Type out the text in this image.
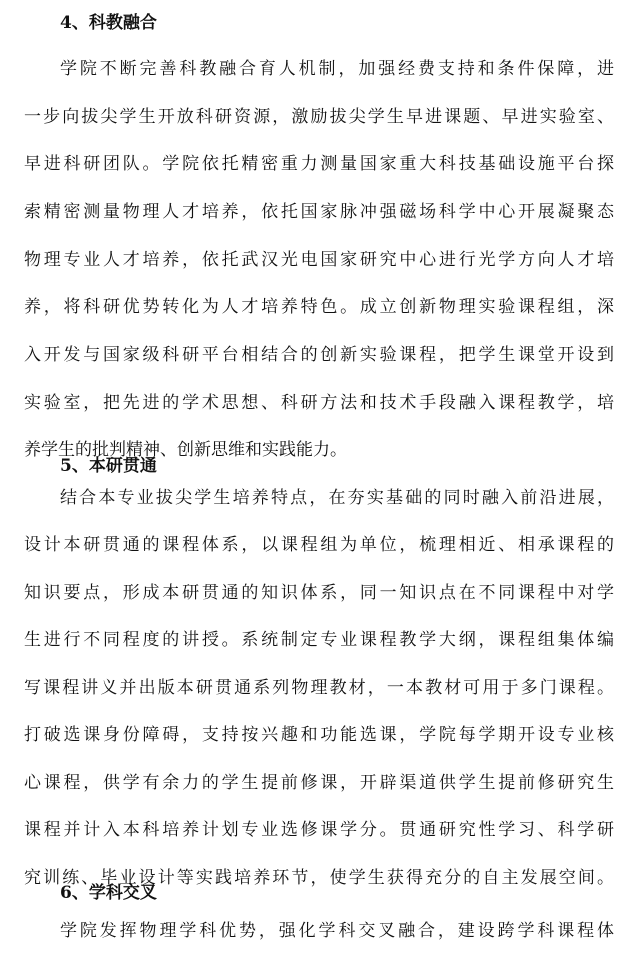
4、科教融合
学院不断完善科教融合育人机制，加强经费支持和条件保障，进
一步向拔尖学生开放科研资源，激励拔尖学生早进课题、早进实验室、
早进科研团队。学院依托精密重力测量国家重大科技基础设施平台探
索精密测量物理人才培养，依托国家脉冲强磁场科学中心开展凝聚态
物理专业人才培养，依托武汉光电国家研究中心进行光学方向人才培
养，将科研优势转化为人才培养特色。成立创新物理实验课程组，深
入开发与国家级科研平台相结合的创新实验课程，把学生课堂开设到
实验室，把先进的学术思想、科研方法和技术手段融入课程教学，培
养学生的批判精神、创新思维和实践能力。
5、本研贯通
结合本专业拔尖学生培养特点，在夯实基础的同时融入前沿进展，
设计本研贯通的课程体系，以课程组为单位，梳理相近、相承课程的
知识要点，形成本研贯通的知识体系，同一知识点在不同课程中对学
生进行不同程度的讲授。系统制定专业课程教学大纲，课程组集体编
写课程讲义并出版本研贯通系列物理教材，一本教材可用于多门课程。
打破选课身份障碍，支持按兴趣和功能选课，学院每学期开设专业核
心课程，供学有余力的学生提前修课，开辟渠道供学生提前修研究生
课程并计入本科培养计划专业选修课学分。贯通研究性学习、科学研
究训练、毕业设计等实践培养环节，使学生获得充分的自主发展空间。
6、学科交叉
学院发挥物理学科优势，强化学科交叉融合，建设跨学科课程体
